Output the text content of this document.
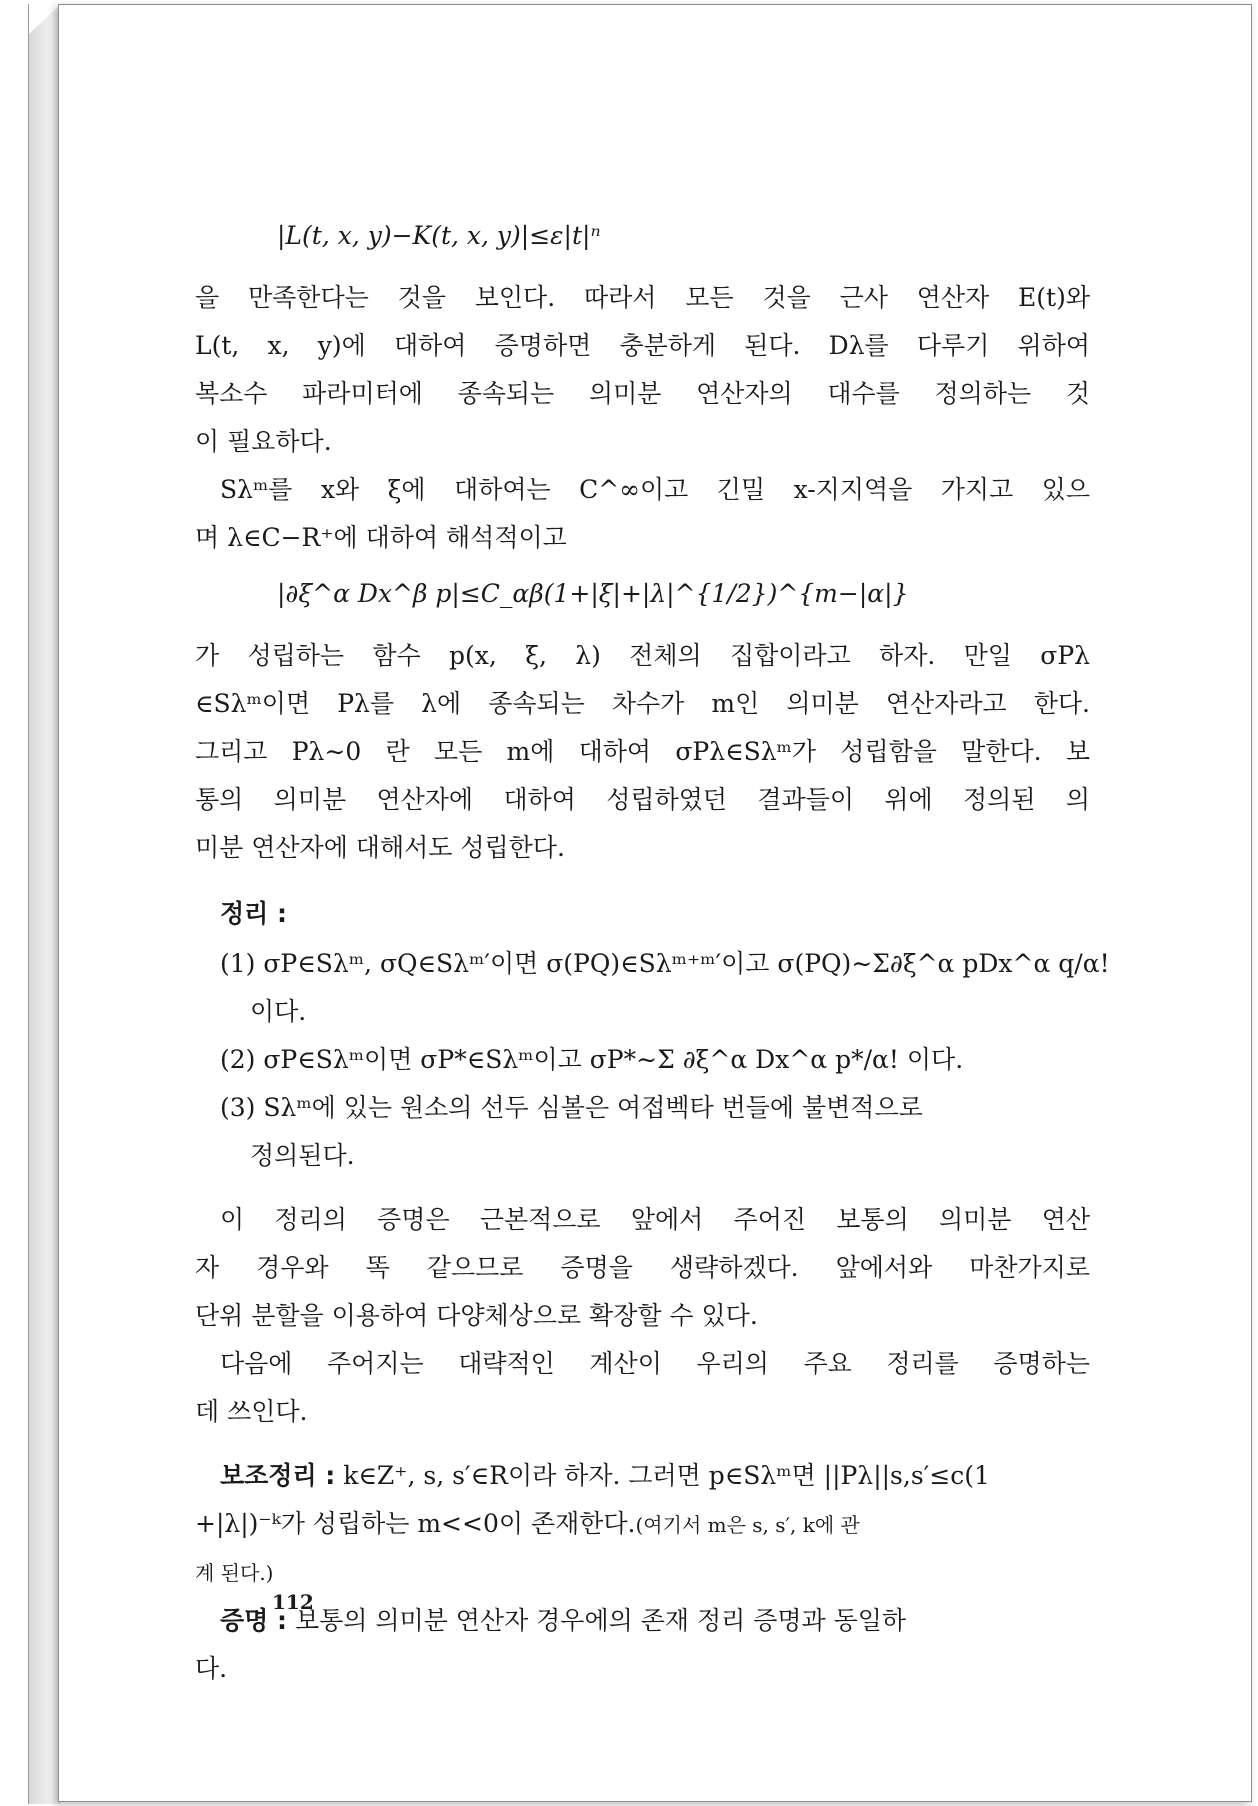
|L(t, x, y)−K(t, x, y)|≤ε|t|ⁿ
을 만족한다는 것을 보인다. 따라서 모든 것을 근사 연산자 E(t)와
L(t, x, y)에 대하여 증명하면 충분하게 된다. Dλ를 다루기 위하여
복소수 파라미터에 종속되는 의미분 연산자의 대수를 정의하는 것
이 필요하다.
Sλᵐ를 x와 ξ에 대하여는 C^∞이고 긴밀 x-지지역을 가지고 있으
며 λ∈C−R⁺에 대하여 해석적이고
|∂ξ^α Dx^β p|≤C_αβ(1+|ξ|+|λ|^{1/2})^{m−|α|}
가 성립하는 함수 p(x, ξ, λ) 전체의 집합이라고 하자. 만일 σPλ
∈Sλᵐ이면 Pλ를 λ에 종속되는 차수가 m인 의미분 연산자라고 한다.
그리고 Pλ∼0 란 모든 m에 대하여 σPλ∈Sλᵐ가 성립함을 말한다. 보
통의 의미분 연산자에 대하여 성립하였던 결과들이 위에 정의된 의
미분 연산자에 대해서도 성립한다.
정리 :
(1) σP∈Sλᵐ, σQ∈Sλᵐ′이면 σ(PQ)∈Sλᵐ⁺ᵐ′이고 σ(PQ)∼Σ∂ξ^α pDx^α q/α!
이다.
(2) σP∈Sλᵐ이면 σP*∈Sλᵐ이고 σP*∼Σ ∂ξ^α Dx^α p*/α! 이다.
(3) Sλᵐ에 있는 원소의 선두 심볼은 여접벡타 번들에 불변적으로
정의된다.
이 정리의 증명은 근본적으로 앞에서 주어진 보통의 의미분 연산
자 경우와 똑 같으므로 증명을 생략하겠다. 앞에서와 마찬가지로
단위 분할을 이용하여 다양체상으로 확장할 수 있다.
다음에 주어지는 대략적인 계산이 우리의 주요 정리를 증명하는
데 쓰인다.
보조정리 : k∈Z⁺, s, s′∈R이라 하자. 그러면 p∈Sλᵐ면 ||Pλ||s,s′≤c(1
+|λ|)⁻ᵏ가 성립하는 m<<0이 존재한다.(여기서 m은 s, s′, k에 관
계 된다.)
증명 : 보통의 의미분 연산자 경우에의 존재 정리 증명과 동일하
다.
112
